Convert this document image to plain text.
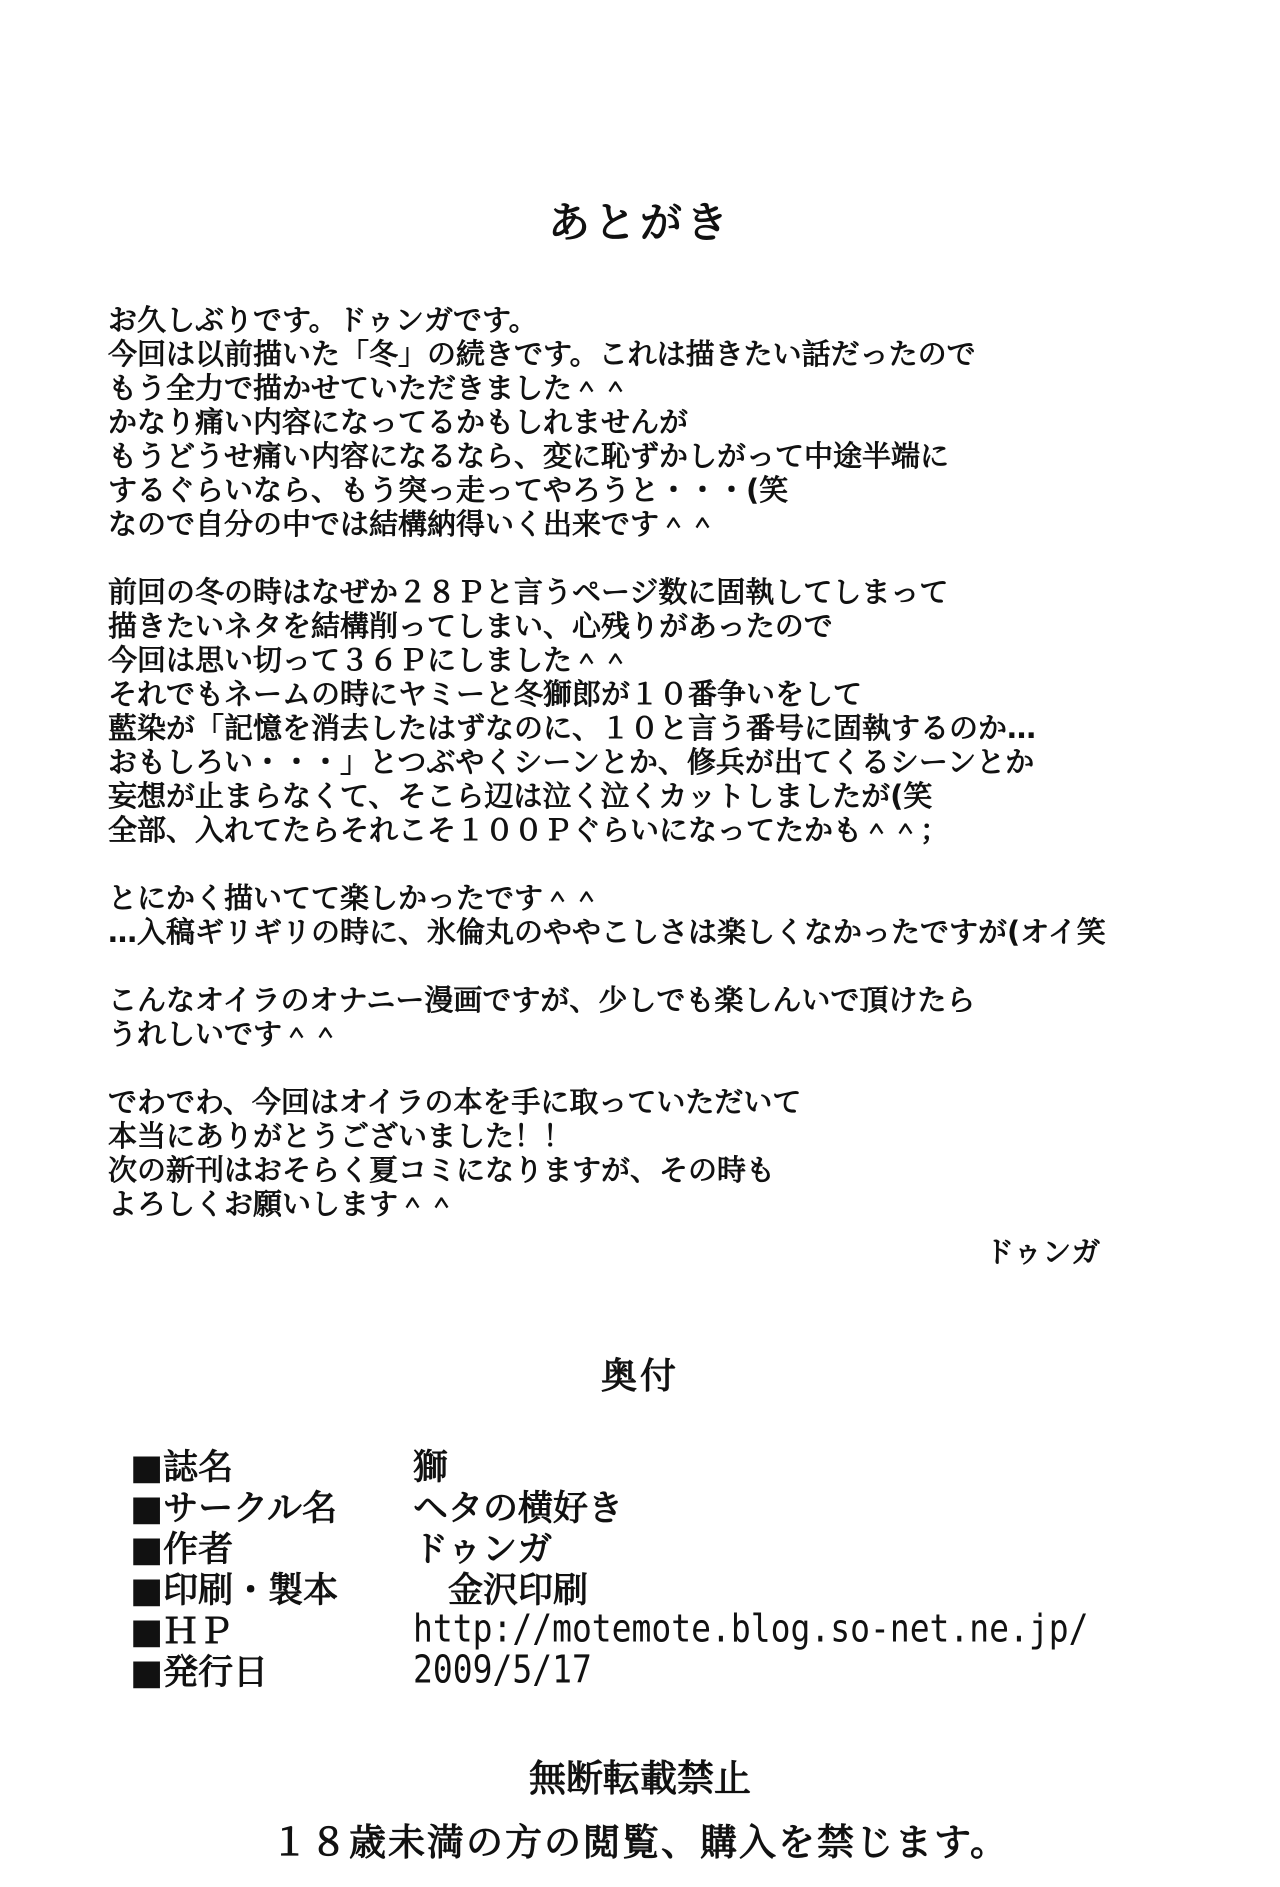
あとがき
お久しぶりです。ドゥンガです。
今回は以前描いた「冬」の続きです。これは描きたい話だったので
もう全力で描かせていただきました＾＾
かなり痛い内容になってるかもしれませんが
もうどうせ痛い内容になるなら、変に恥ずかしがって中途半端に
するぐらいなら、もう突っ走ってやろうと・・・(笑
なので自分の中では結構納得いく出来です＾＾
前回の冬の時はなぜか２８Ｐと言うページ数に固執してしまって
描きたいネタを結構削ってしまい、心残りがあったので
今回は思い切って３６Ｐにしました＾＾
それでもネームの時にヤミーと冬獅郎が１０番争いをして
藍染が「記憶を消去したはずなのに、１０と言う番号に固執するのか…
おもしろい・・・」とつぶやくシーンとか、修兵が出てくるシーンとか
妄想が止まらなくて、そこら辺は泣く泣くカットしましたが(笑
全部、入れてたらそれこそ１００Ｐぐらいになってたかも＾＾；
とにかく描いてて楽しかったです＾＾
…入稿ギリギリの時に、氷倫丸のややこしさは楽しくなかったですが(オイ笑
こんなオイラのオナニー漫画ですが、少しでも楽しんいで頂けたら
うれしいです＾＾
でわでわ、今回はオイラの本を手に取っていただいて
本当にありがとうございました！！
次の新刊はおそらく夏コミになりますが、その時も
よろしくお願いします＾＾
ドゥンガ
奥付
■誌名	獅
■サークル名	ヘタの横好き
■作者	ドゥンガ
■印刷・製本	　金沢印刷
■ＨＰ	http://motemote.blog.so-net.ne.jp/
■発行日	2009/5/17
無断転載禁止
１８歳未満の方の閲覧、購入を禁じます。
